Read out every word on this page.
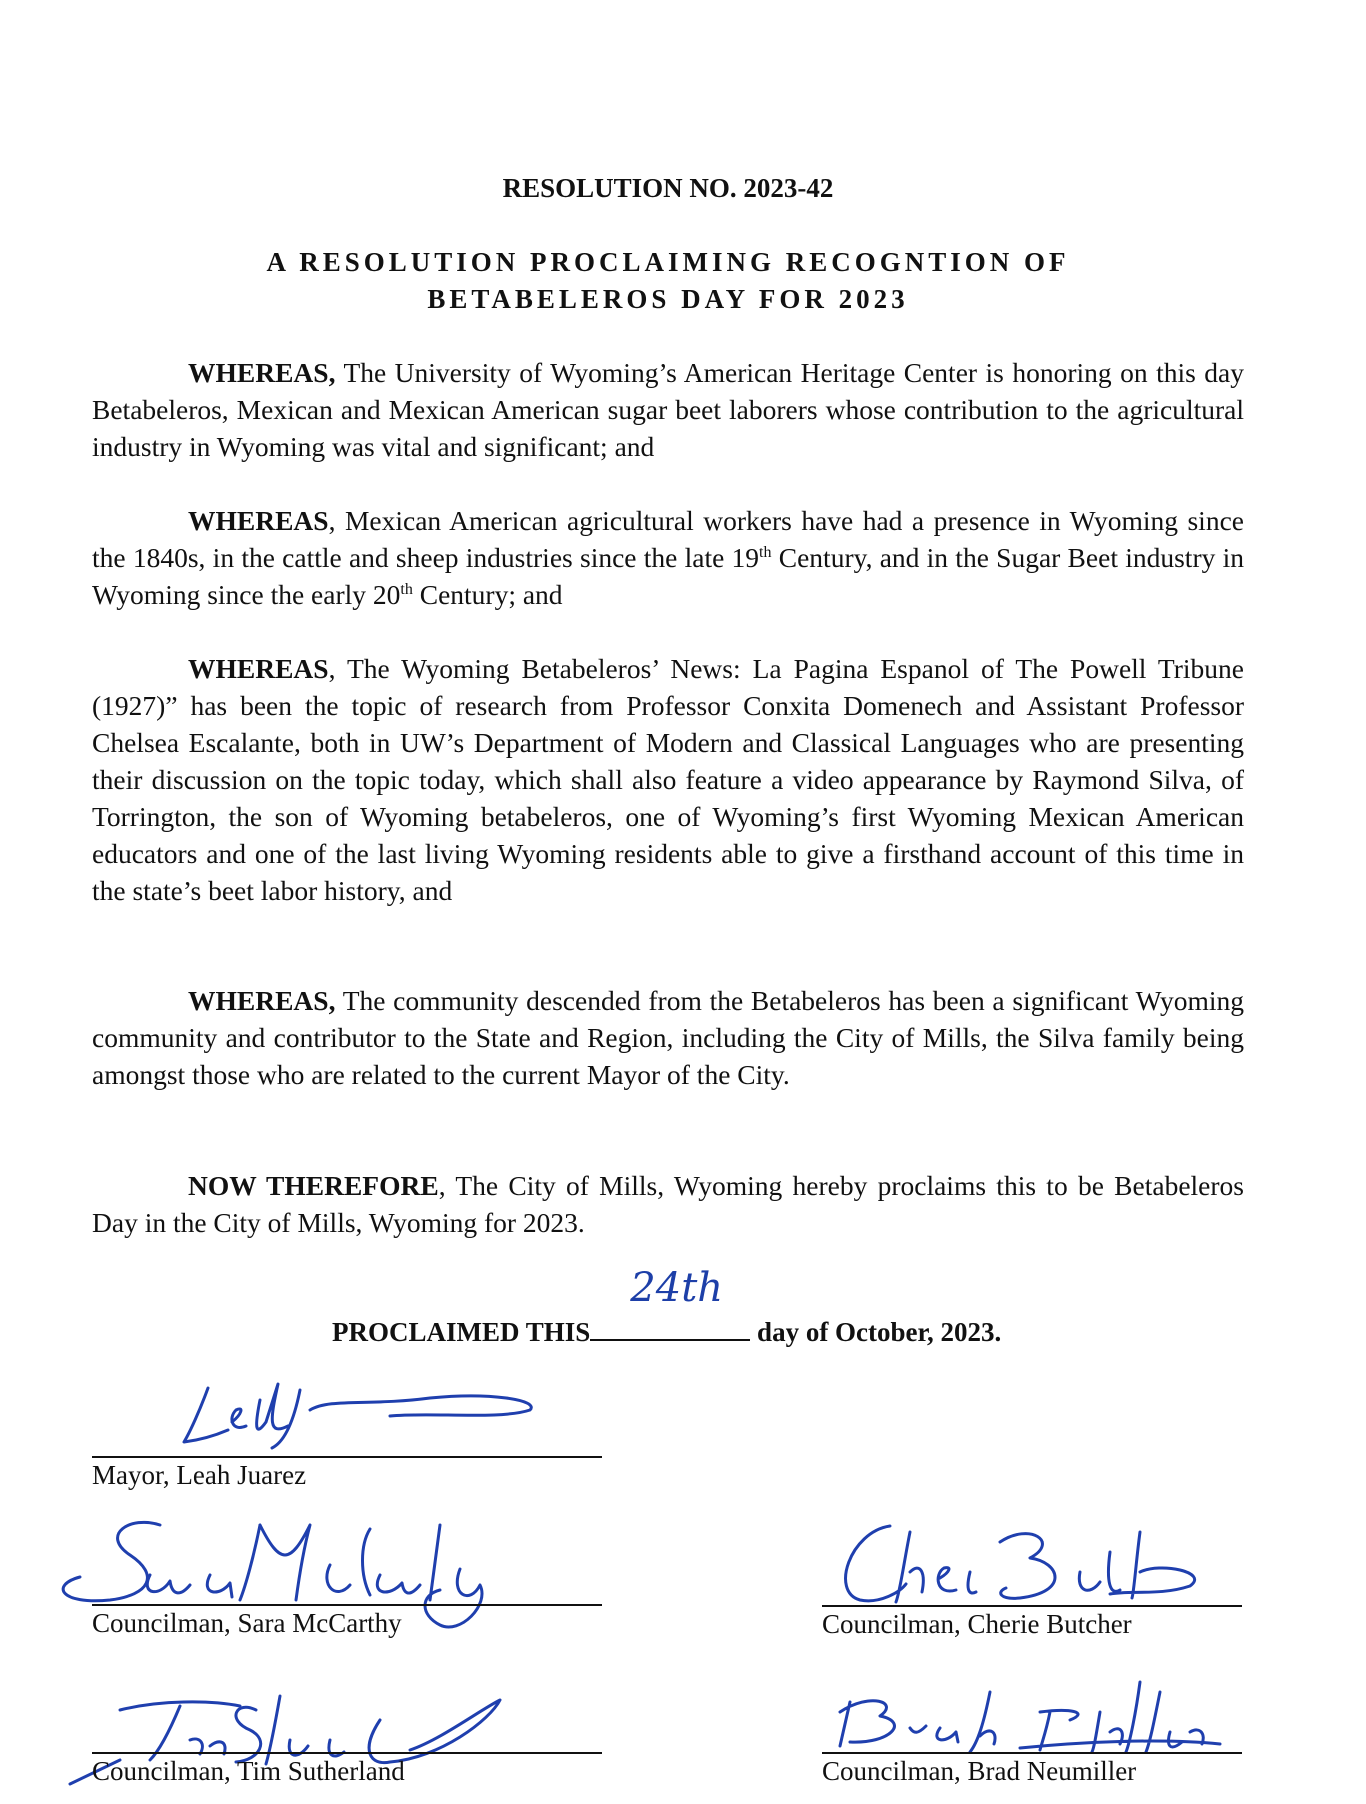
RESOLUTION NO. 2023-42
A RESOLUTION PROCLAIMING RECOGNTION OF
BETABELEROS DAY FOR 2023

WHEREAS, The University of Wyoming’s American Heritage Center is honoring on this day Betabeleros, Mexican and Mexican American sugar beet laborers whose contribution to the agricultural industry in Wyoming was vital and significant; and

WHEREAS, Mexican American agricultural workers have had a presence in Wyoming since the 1840s, in the cattle and sheep industries since the late 19th Century, and in the Sugar Beet industry in Wyoming since the early 20th Century; and

WHEREAS, The Wyoming Betabeleros’ News: La Pagina Espanol of The Powell Tribune (1927)” has been the topic of research from Professor Conxita Domenech and Assistant Professor Chelsea Escalante, both in UW’s Department of Modern and Classical Languages who are presenting their discussion on the topic today, which shall also feature a video appearance by Raymond Silva, of Torrington, the son of Wyoming betabeleros, one of Wyoming’s first Wyoming Mexican American educators and one of the last living Wyoming residents able to give a firsthand account of this time in the state’s beet labor history, and

WHEREAS, The community descended from the Betabeleros has been a significant Wyoming community and contributor to the State and Region, including the City of Mills, the Silva family being amongst those who are related to the current Mayor of the City.

NOW THEREFORE, The City of Mills, Wyoming hereby proclaims this to be Betabeleros Day in the City of Mills, Wyoming for 2023.

PROCLAIMED THIS
24th
day of October, 2023.
Mayor, Leah Juarez
Councilman, Sara McCarthy	Councilman, Cherie Butcher
Councilman, Tim Sutherland	Councilman, Brad Neumiller
